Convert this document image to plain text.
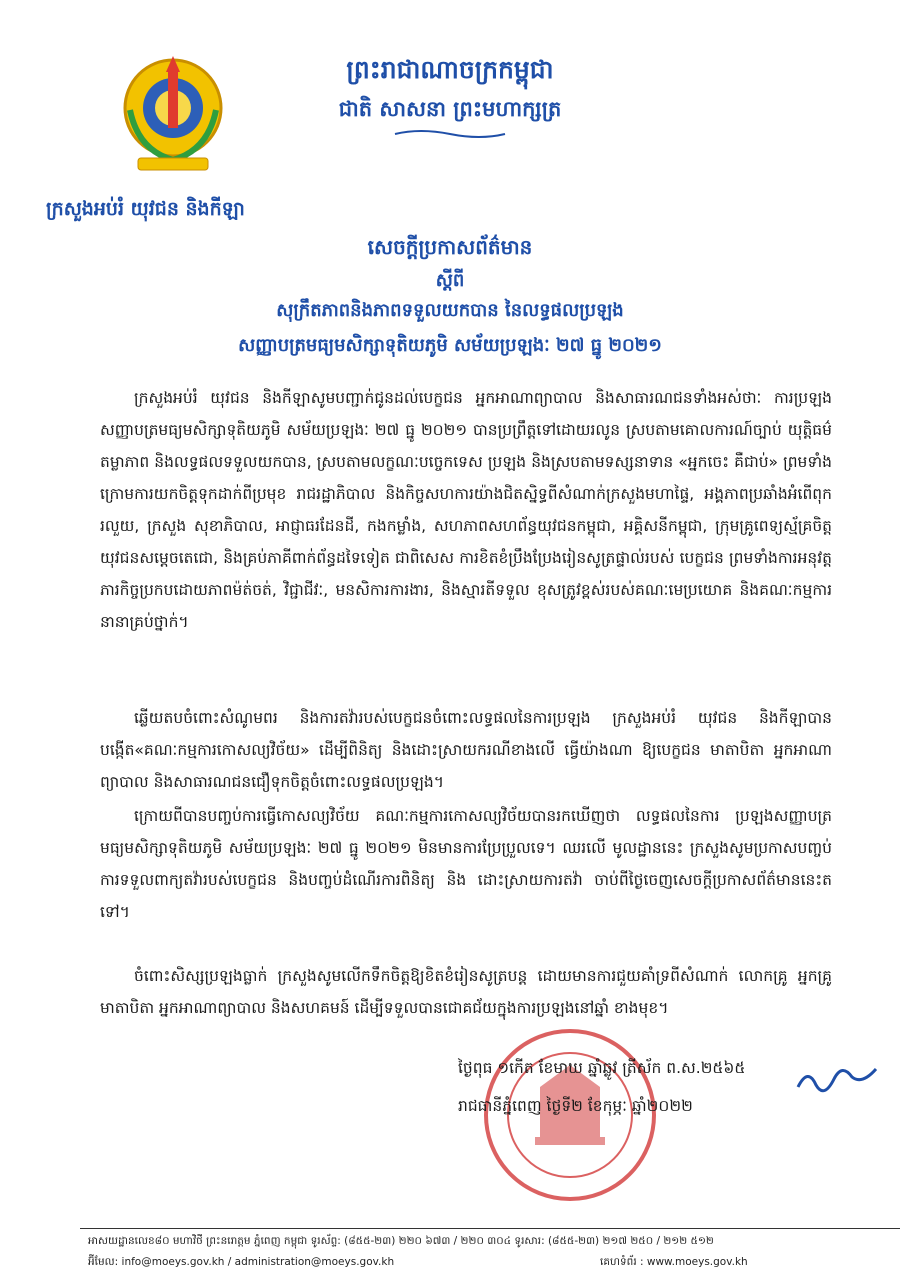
ព្រះរាជាណាចក្រកម្ពុជា
ជាតិ សាសនា ព្រះមហាក្សត្រ
ក្រសួងអប់រំ យុវជន និងកីឡា
សេចក្តីប្រកាសព័ត៌មាន
ស្តីពី
សុក្រឹតភាពនិងភាពទទួលយកបាន នៃលទ្ធផលប្រឡង
សញ្ញាបត្រមធ្យមសិក្សាទុតិយភូមិ សម័យប្រឡងៈ ២៧ ធ្នូ ២០២១

ក្រសួងអប់រំ យុវជន និងកីឡាសូមបញ្ជាក់ជូនដល់បេក្ខជន អ្នកអាណាព្យាបាល និងសាធារណជនទាំងអស់ថាៈ ការប្រឡងសញ្ញាបត្រមធ្យមសិក្សាទុតិយភូមិ សម័យប្រឡងៈ ២៧ ធ្នូ ២០២១ បានប្រព្រឹត្តទៅដោយរលូន ស្របតាមគោលការណ៍ច្បាប់ យុត្តិធម៌ តម្លាភាព និងលទ្ធផលទទួលយកបាន, ស្របតាមលក្ខណៈបច្ចេកទេស ប្រឡង និងស្របតាមទស្សនាទាន «អ្នកចេះ គឺជាប់» ព្រមទាំងក្រោមការយកចិត្តទុកដាក់ពីប្រមុខ រាជរដ្ឋាភិបាល និងកិច្ចសហការយ៉ាងជិតស្និទ្ធពីសំណាក់ក្រសួងមហាផ្ទៃ, អង្គភាពប្រឆាំងអំពើពុករលួយ, ក្រសួង សុខាភិបាល, អាជ្ញាធរដែនដី, កងកម្លាំង, សហភាពសហព័ន្ធយុវជនកម្ពុជា, អគ្គិសនីកម្ពុជា, ក្រុមគ្រូពេទ្យស្ម័គ្រចិត្ត យុវជនសម្តេចតេជោ, និងគ្រប់ភាគីពាក់ព័ន្ធដទៃទៀត ជាពិសេស ការខិតខំប្រឹងប្រែងរៀនសូត្រផ្ទាល់របស់ បេក្ខជន ព្រមទាំងការអនុវត្តភារកិច្ចប្រកបដោយភាពម៉ត់ចត់, វិជ្ជាជីវៈ, មនសិការការងារ, និងស្មារតីទទួល ខុសត្រូវខ្ពស់របស់គណៈមេប្រយោគ និងគណៈកម្មការនានាគ្រប់ថ្នាក់។

ឆ្លើយតបចំពោះសំណូមពរ និងការតវ៉ារបស់បេក្ខជនចំពោះលទ្ធផលនៃការប្រឡង ក្រសួងអប់រំ យុវជន និងកីឡាបានបង្កើត«គណៈកម្មការកោសល្យវិច័យ» ដើម្បីពិនិត្យ និងដោះស្រាយករណីខាងលើ ធ្វើយ៉ាងណា ឱ្យបេក្ខជន មាតាបិតា អ្នកអាណាព្យាបាល និងសាធារណជនជឿទុកចិត្តចំពោះលទ្ធផលប្រឡង។

ក្រោយពីបានបញ្ចប់ការធ្វើកោសល្យវិច័យ គណៈកម្មការកោសល្យវិច័យបានរកឃើញថា លទ្ធផលនៃការ ប្រឡងសញ្ញាបត្រមធ្យមសិក្សាទុតិយភូមិ សម័យប្រឡងៈ ២៧ ធ្នូ ២០២១ មិនមានការប្រែប្រួលទេ។ ឈរលើ មូលដ្ឋាននេះ ក្រសួងសូមប្រកាសបញ្ចប់ការទទួលពាក្យតវ៉ារបស់បេក្ខជន និងបញ្ចប់ដំណើរការពិនិត្យ និង ដោះស្រាយការតវ៉ា ចាប់ពីថ្ងៃចេញសេចក្តីប្រកាសព័ត៌មាននេះតទៅ។

ចំពោះសិស្សប្រឡងធ្លាក់ ក្រសួងសូមលើកទឹកចិត្តឱ្យខិតខំរៀនសូត្របន្ត ដោយមានការជួយគាំទ្រពីសំណាក់ លោកគ្រូ អ្នកគ្រូ មាតាបិតា អ្នកអាណាព្យាបាល និងសហគមន៍ ដើម្បីទទួលបានជោគជ័យក្នុងការប្រឡងនៅឆ្នាំ ខាងមុខ។

ថ្ងៃពុធ ១កើត ខែមាឃ ឆ្នាំឆ្លូវ ត្រីស័ក ព.ស.២៥៦៥
រាជធានីភ្នំពេញ ថ្ងៃទី២ ខែកុម្ភៈ ឆ្នាំ២០២២
អាសយដ្ឋានលេខ៨០ មហាវិថី ព្រះនរោត្តម ភ្នំពេញ កម្ពុជា ទូរស័ព្ទ: (៨៥៥-២៣) ២២០ ៦៧៣ / ២២០ ៣០៤ ទូរសារ: (៨៥៥-២៣) ២១៧ ២៥០ / ២១២ ៥១២
អ៊ីមែល: info@moeys.gov.kh / administration@moeys.gov.kh	គេហទំព័រ : www.moeys.gov.kh
